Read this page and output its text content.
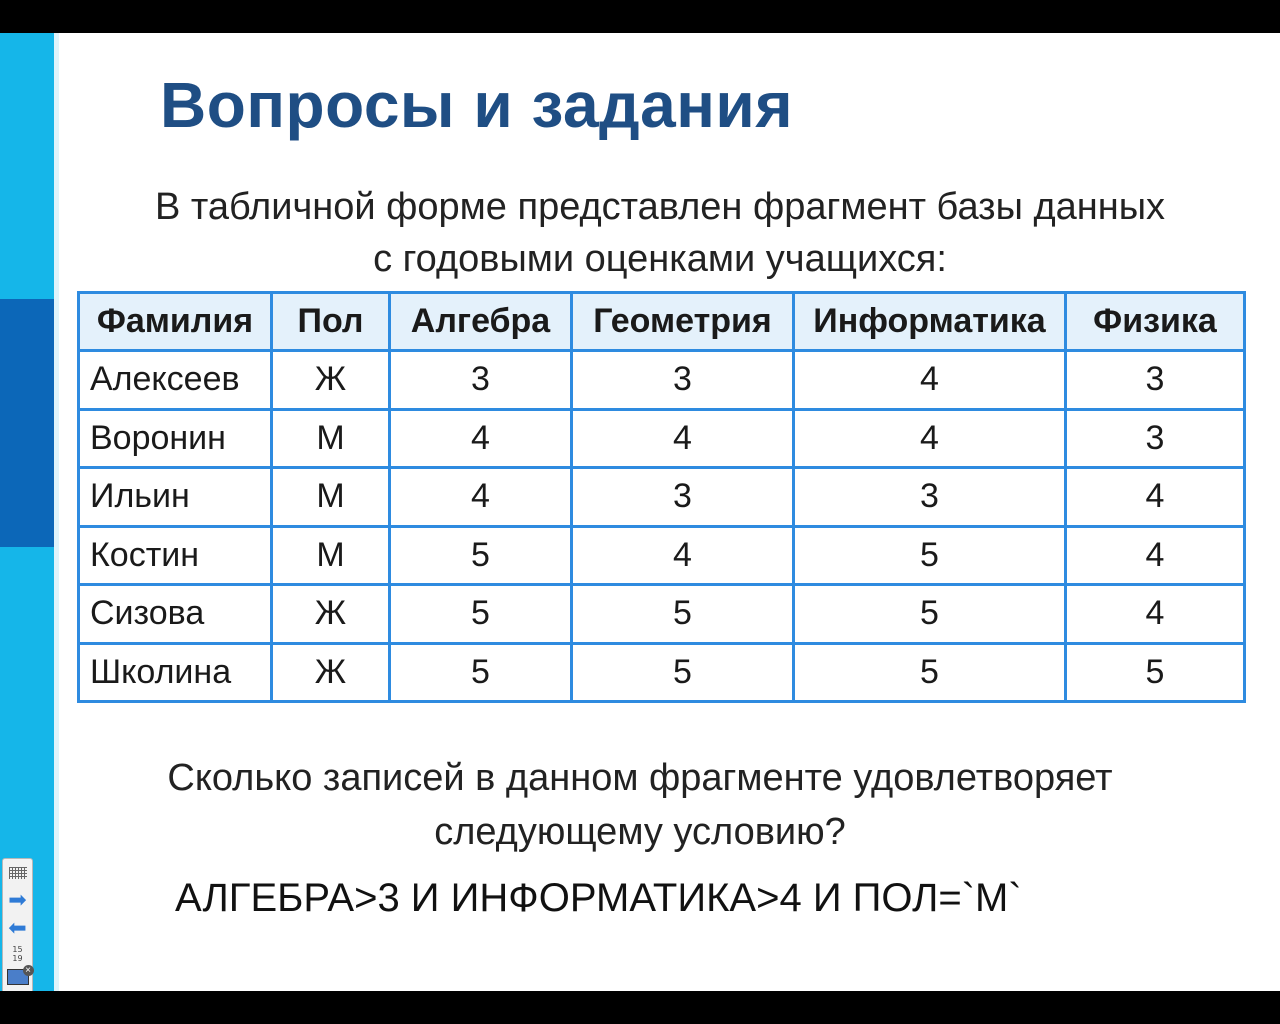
Вопросы и задания
В табличной форме представлен фрагмент базы данных
с годовыми оценками учащихся:
Фамилия	Пол	Алгебра	Геометрия	Информатика	Физика
Алексеев	Ж	3	3	4	3
Воронин	М	4	4	4	3
Ильин	М	4	3	3	4
Костин	М	5	4	5	4
Сизова	Ж	5	5	5	4
Школина	Ж	5	5	5	5
Сколько записей в данном фрагменте удовлетворяет
следующему условию?
АЛГЕБРА>3 И ИНФОРМАТИКА>4 И ПОЛ=`М`
➡
⬅
15
19
×
